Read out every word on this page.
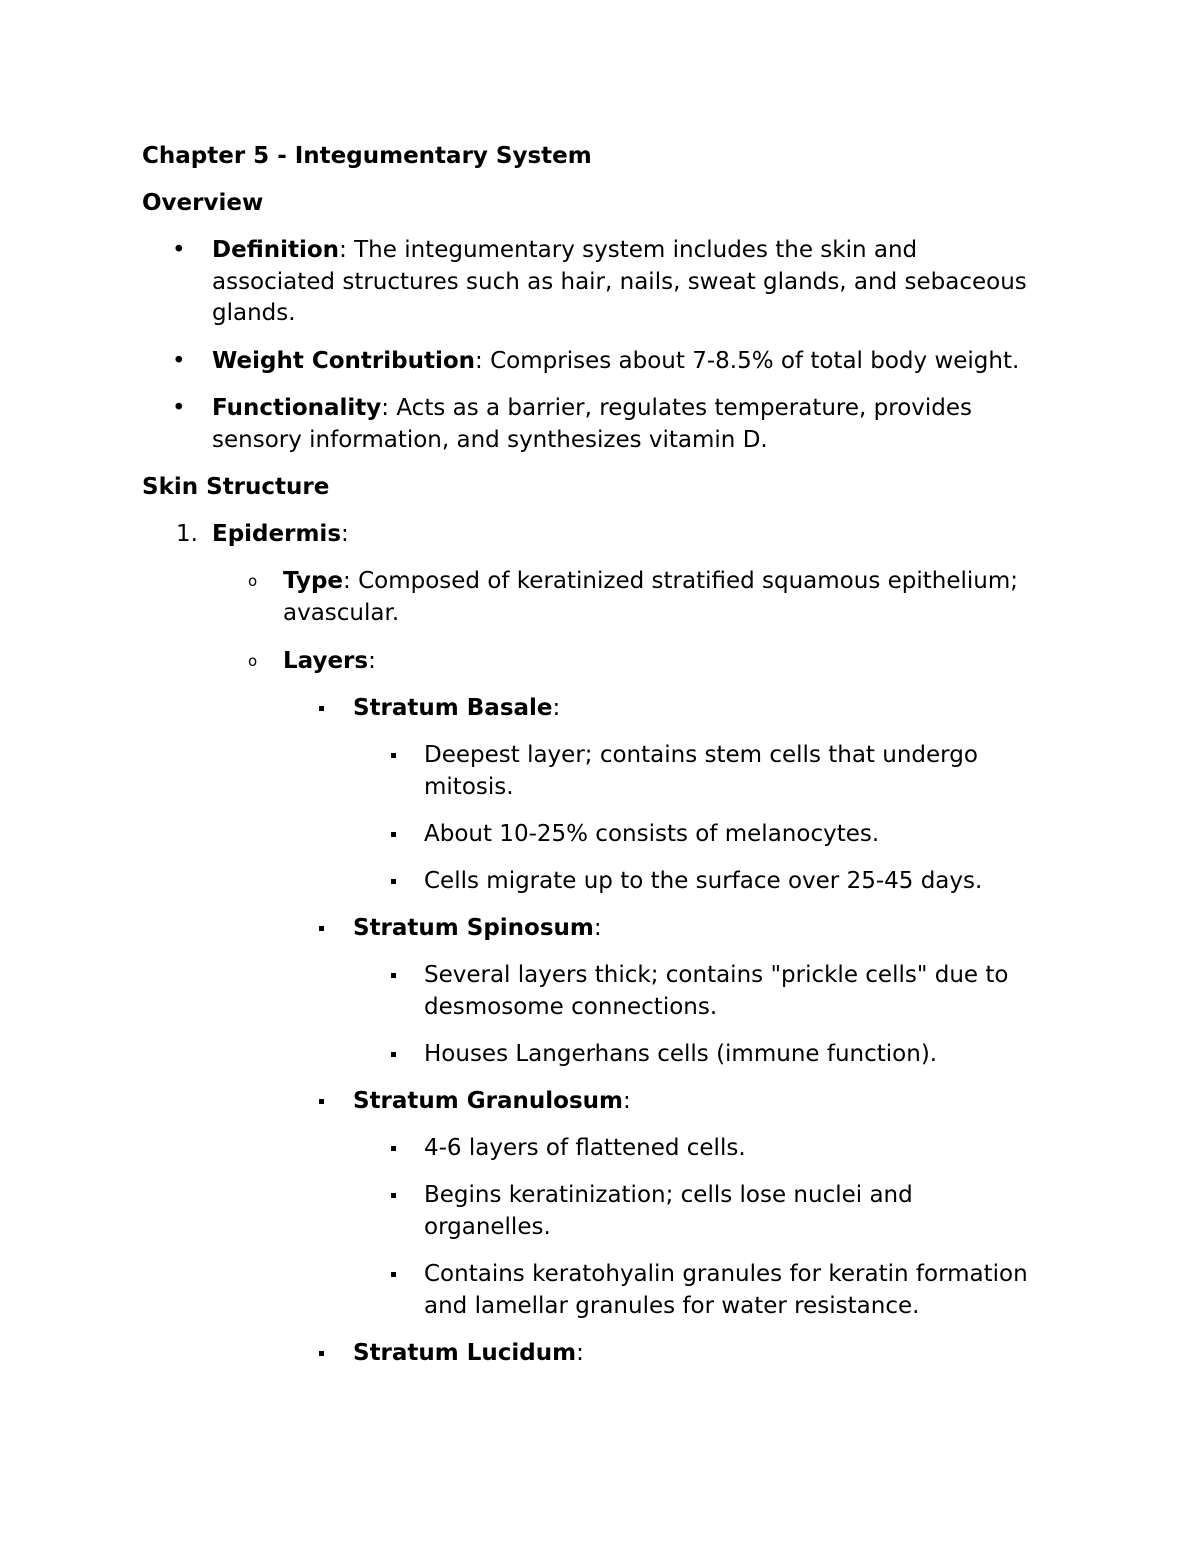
Chapter 5 - Integumentary System
Overview
• Definition: The integumentary system includes the skin and
associated structures such as hair, nails, sweat glands, and sebaceous
glands.
• Weight Contribution: Comprises about 7-8.5% of total body weight.
• Functionality: Acts as a barrier, regulates temperature, provides
sensory information, and synthesizes vitamin D.
Skin Structure
1. Epidermis:
o Type: Composed of keratinized stratified squamous epithelium;
avascular.
o Layers:
Stratum Basale:
Deepest layer; contains stem cells that undergo
mitosis.
About 10-25% consists of melanocytes.
Cells migrate up to the surface over 25-45 days.
Stratum Spinosum:
Several layers thick; contains "prickle cells" due to
desmosome connections.
Houses Langerhans cells (immune function).
Stratum Granulosum:
4-6 layers of flattened cells.
Begins keratinization; cells lose nuclei and
organelles.
Contains keratohyalin granules for keratin formation
and lamellar granules for water resistance.
Stratum Lucidum:
